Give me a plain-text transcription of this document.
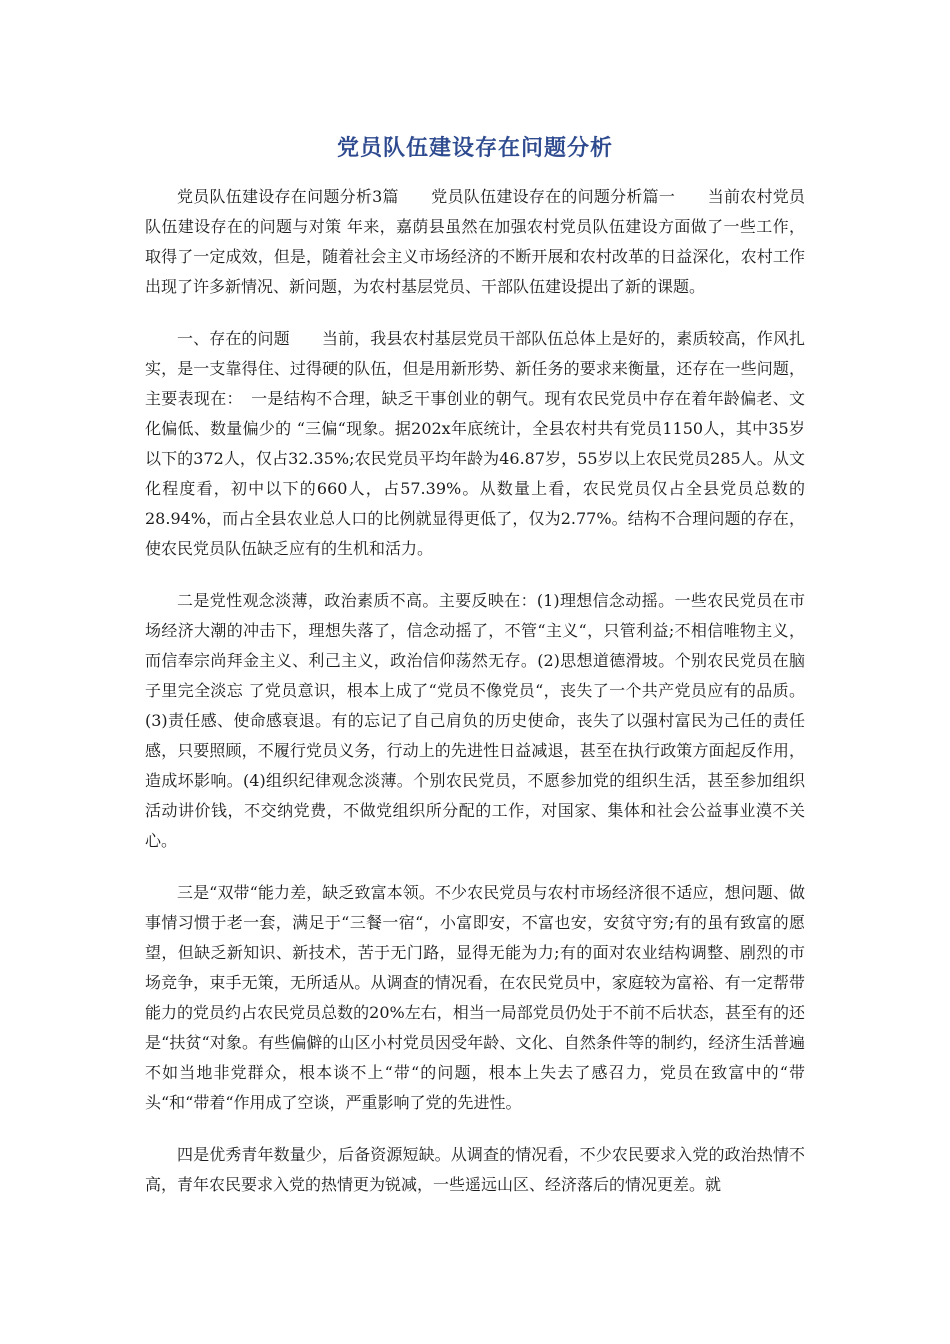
党员队伍建设存在问题分析

党员队伍建设存在问题分析3篇　　党员队伍建设存在的问题分析篇一　　当前农村党员队伍建设存在的问题与对策 年来，嘉荫县虽然在加强农村党员队伍建设方面做了一些工作，取得了一定成效，但是，随着社会主义市场经济的不断开展和农村改革的日益深化，农村工作出现了许多新情况、新问题，为农村基层党员、干部队伍建设提出了新的课题。

一、存在的问题　　当前，我县农村基层党员干部队伍总体上是好的，素质较高，作风扎实，是一支靠得住、过得硬的队伍，但是用新形势、新任务的要求来衡量，还存在一些问题，主要表现在：　一是结构不合理，缺乏干事创业的朝气。现有农民党员中存在着年龄偏老、文化偏低、数量偏少的 “三偏“现象。据202x年底统计，全县农村共有党员1150人，其中35岁以下的372人，仅占32.35%;农民党员平均年龄为46.87岁，55岁以上农民党员285人。从文化程度看，初中以下的660人，占57.39%。从数量上看，农民党员仅占全县党员总数的28.94%，而占全县农业总人口的比例就显得更低了，仅为2.77%。结构不合理问题的存在，使农民党员队伍缺乏应有的生机和活力。

二是党性观念淡薄，政治素质不高。主要反映在：(1)理想信念动摇。一些农民党员在市场经济大潮的冲击下，理想失落了，信念动摇了，不管“主义“，只管利益;不相信唯物主义，而信奉宗尚拜金主义、利己主义，政治信仰荡然无存。(2)思想道德滑坡。个别农民党员在脑子里完全淡忘 了党员意识，根本上成了“党员不像党员“，丧失了一个共产党员应有的品质。(3)责任感、使命感衰退。有的忘记了自己肩负的历史使命，丧失了以强村富民为己任的责任感，只要照顾，不履行党员义务，行动上的先进性日益减退，甚至在执行政策方面起反作用，造成坏影响。(4)组织纪律观念淡薄。个别农民党员，不愿参加党的组织生活，甚至参加组织活动讲价钱，不交纳党费，不做党组织所分配的工作，对国家、集体和社会公益事业漠不关心。

三是“双带“能力差，缺乏致富本领。不少农民党员与农村市场经济很不适应，想问题、做事情习惯于老一套，满足于“三餐一宿“，小富即安，不富也安，安贫守穷;有的虽有致富的愿望，但缺乏新知识、新技术，苦于无门路，显得无能为力;有的面对农业结构调整、剧烈的市场竞争，束手无策，无所适从。从调查的情况看，在农民党员中，家庭较为富裕、有一定帮带能力的党员约占农民党员总数的20%左右，相当一局部党员仍处于不前不后状态，甚至有的还是“扶贫“对象。有些偏僻的山区小村党员因受年龄、文化、自然条件等的制约，经济生活普遍不如当地非党群众，根本谈不上“带“的问题，根本上失去了感召力，党员在致富中的“带头“和“带着“作用成了空谈，严重影响了党的先进性。

四是优秀青年数量少，后备资源短缺。从调查的情况看，不少农民要求入党的政治热情不高，青年农民要求入党的热情更为锐减，一些遥远山区、经济落后的情况更差。就
